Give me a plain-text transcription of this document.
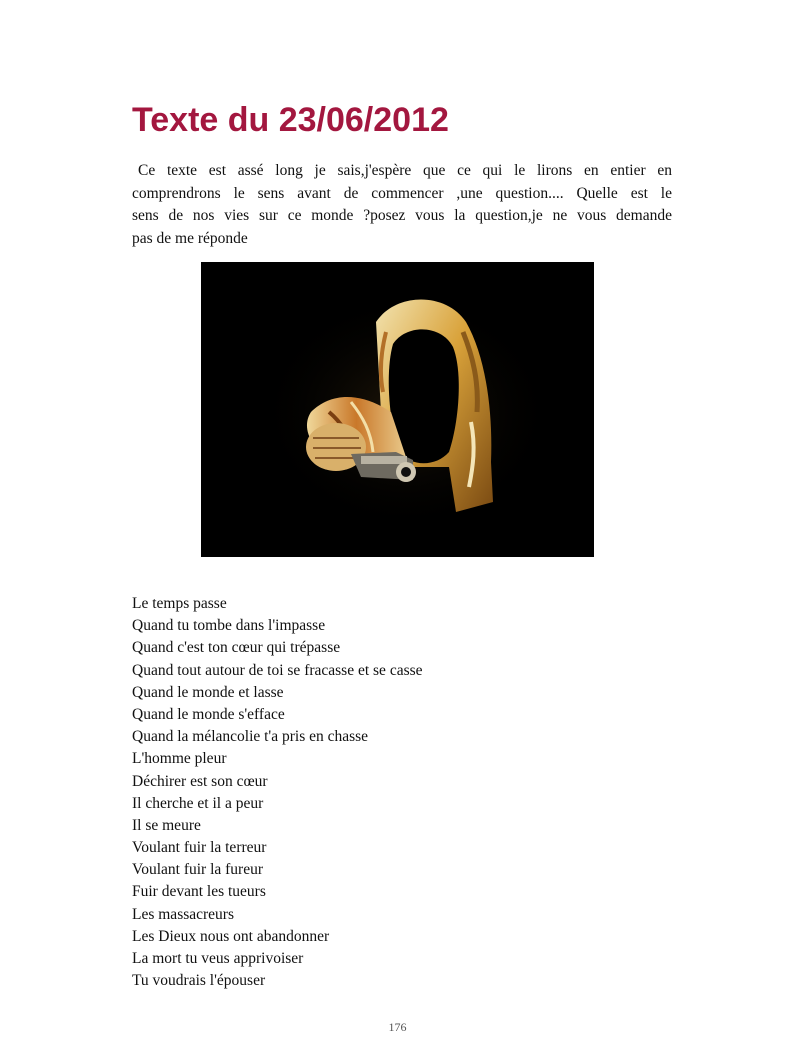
Texte du 23/06/2012

Ce texte est assé long je sais,j'espère que ce qui le lirons en entier en
comprendrons le sens avant de commencer ,une question.... Quelle est le
sens de nos vies sur ce monde ?posez vous la question,je ne vous demande
pas de me réponde

Le temps passe
Quand tu tombe dans l'impasse
Quand c'est ton cœur qui trépasse
Quand tout autour de toi se fracasse et se casse
Quand le monde et lasse
Quand le monde s'efface
Quand la mélancolie t'a pris en chasse
L'homme pleur
Déchirer est son cœur
Il cherche et il a peur
Il se meure
Voulant fuir la terreur
Voulant fuir la fureur
Fuir devant les tueurs
Les massacreurs
Les Dieux nous ont abandonner
La mort tu veus apprivoiser
Tu voudrais l'épouser
176
